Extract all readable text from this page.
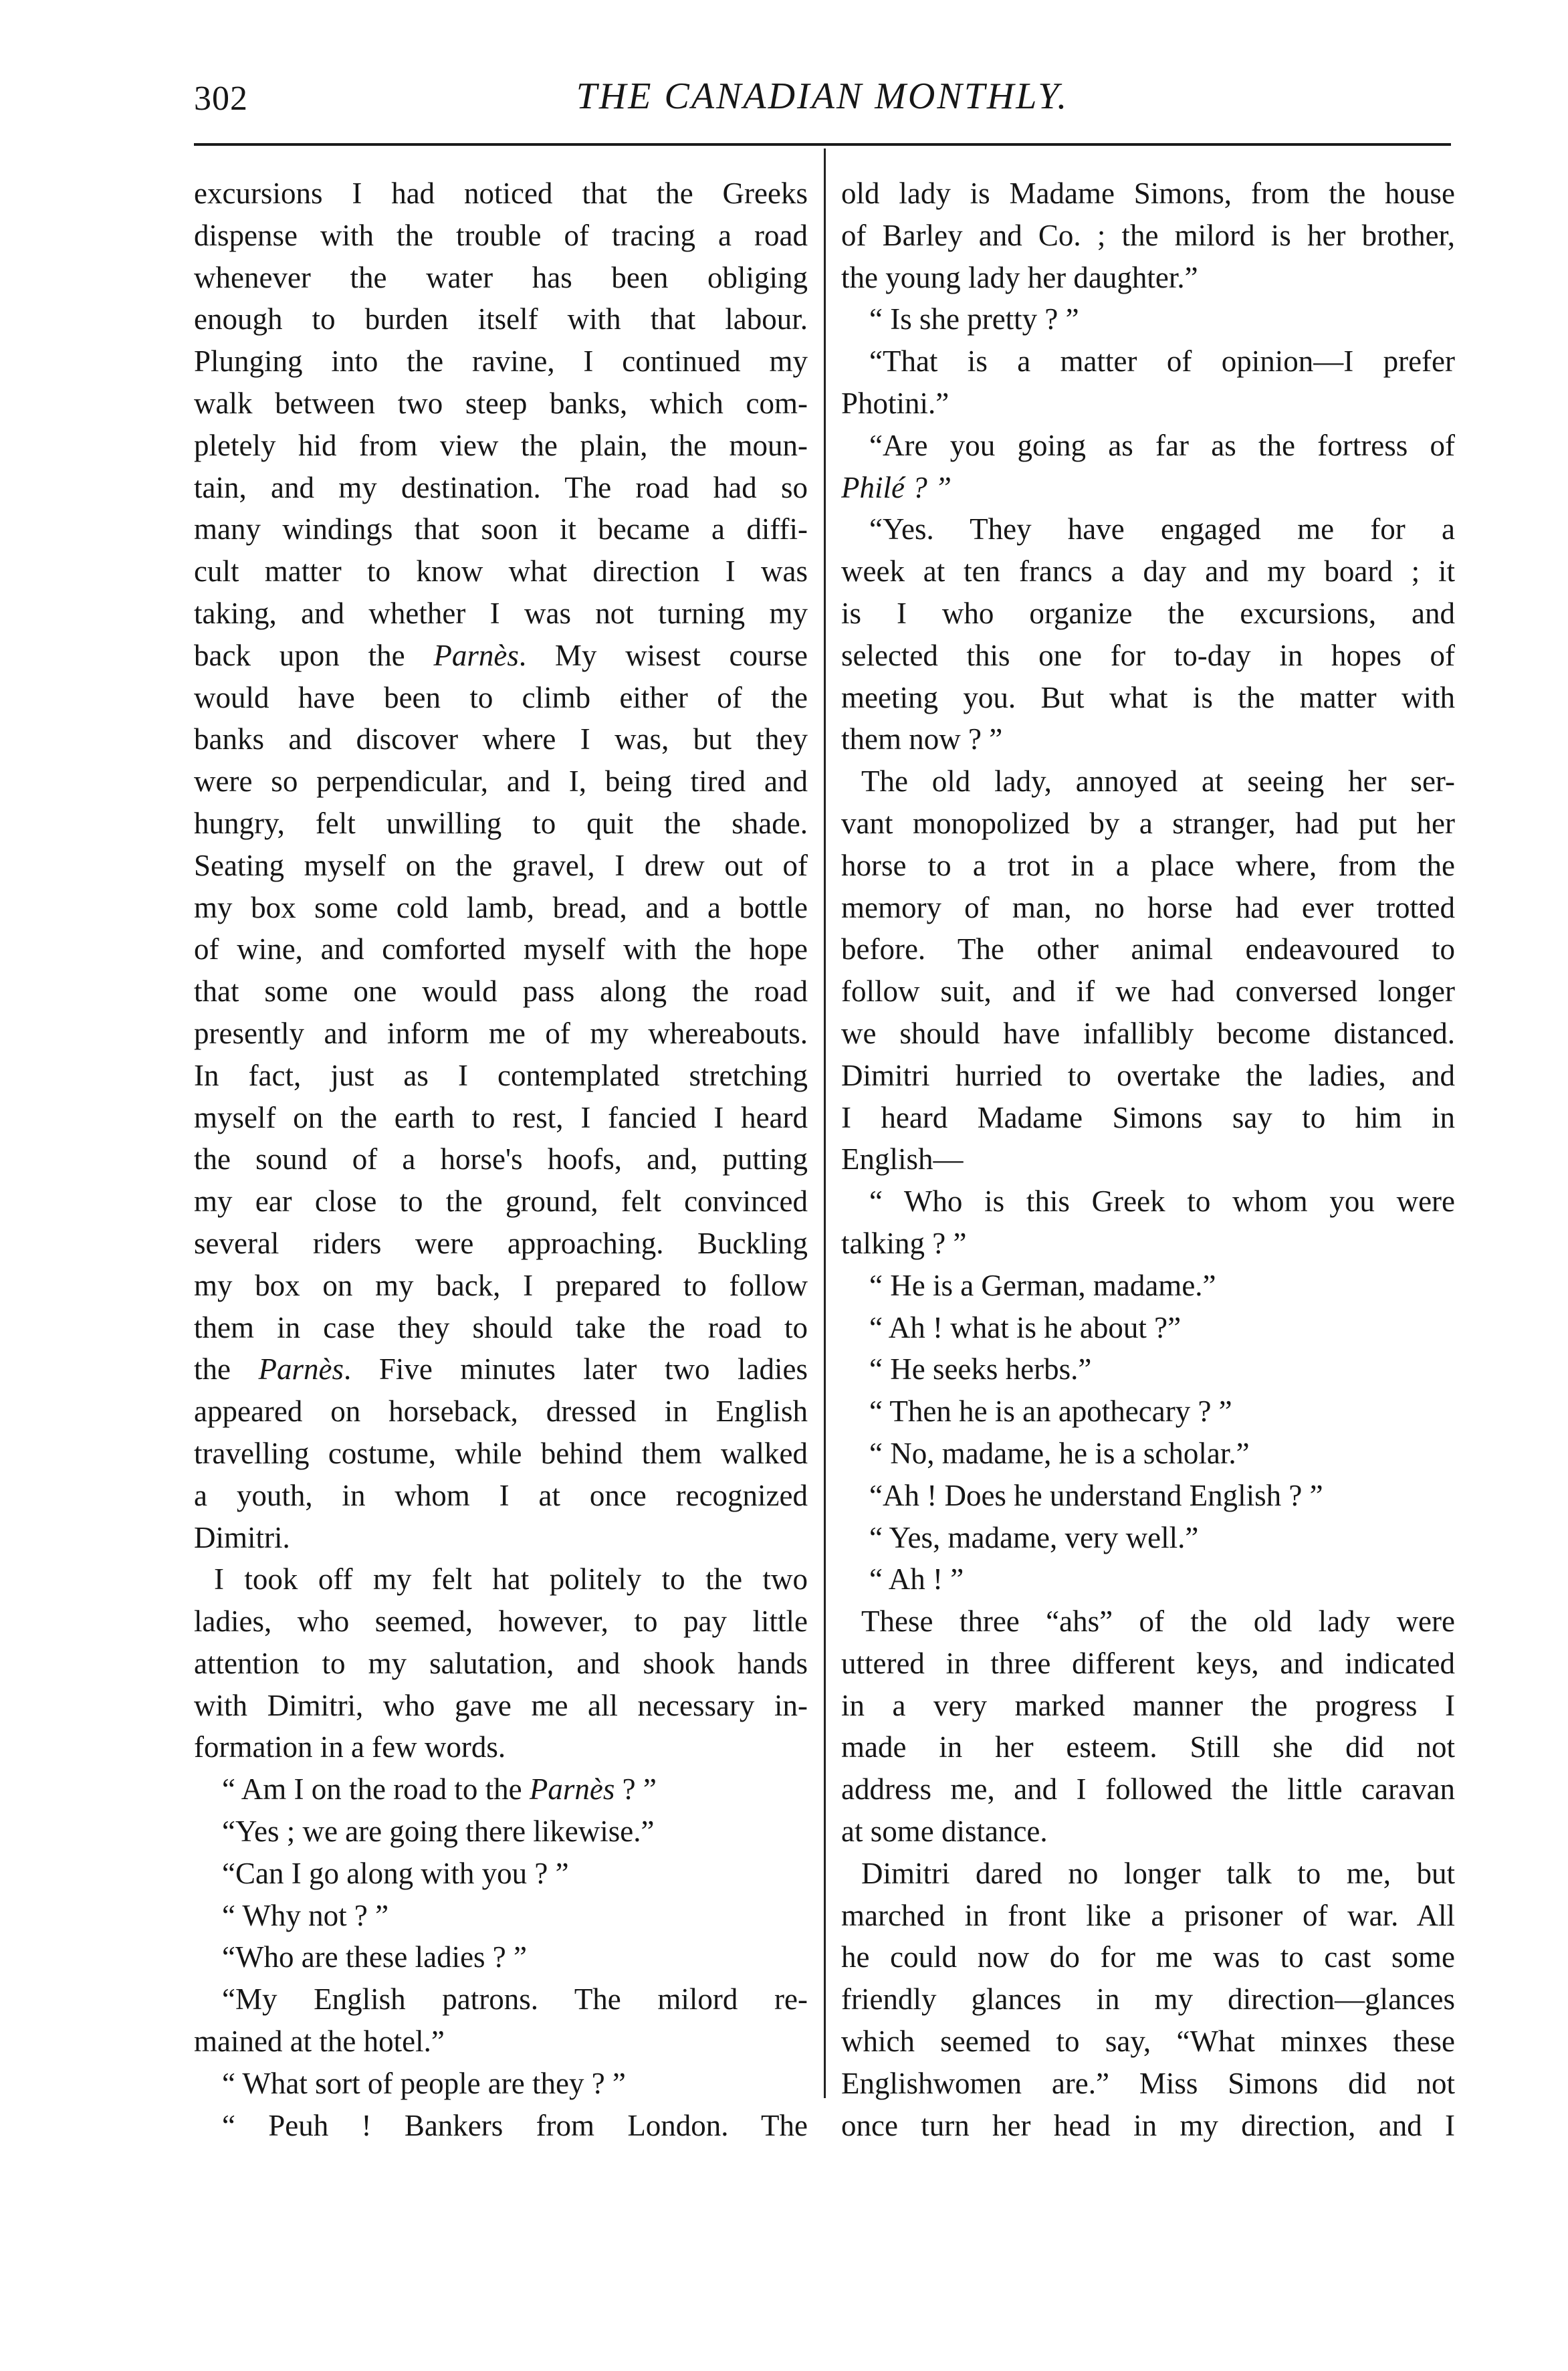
302	THE CANADIAN MONTHLY.
excursions I had noticed that the Greeks
dispense with the trouble of tracing a road
whenever the water has been obliging
enough to burden itself with that labour.
Plunging into the ravine, I continued my
walk between two steep banks, which com-
pletely hid from view the plain, the moun-
tain, and my destination. The road had so
many windings that soon it became a diffi-
cult matter to know what direction I was
taking, and whether I was not turning my
back upon the Parnès. My wisest course
would have been to climb either of the
banks and discover where I was, but they
were so perpendicular, and I, being tired and
hungry, felt unwilling to quit the shade.
Seating myself on the gravel, I drew out of
my box some cold lamb, bread, and a bottle
of wine, and comforted myself with the hope
that some one would pass along the road
presently and inform me of my whereabouts.
In fact, just as I contemplated stretching
myself on the earth to rest, I fancied I heard
the sound of a horse's hoofs, and, putting
my ear close to the ground, felt convinced
several riders were approaching. Buckling
my box on my back, I prepared to follow
them in case they should take the road to
the Parnès. Five minutes later two ladies
appeared on horseback, dressed in English
travelling costume, while behind them walked
a youth, in whom I at once recognized
Dimitri.
I took off my felt hat politely to the two
ladies, who seemed, however, to pay little
attention to my salutation, and shook hands
with Dimitri, who gave me all necessary in-
formation in a few words.
“ Am I on the road to the Parnès ? ”
“Yes ; we are going there likewise.”
“Can I go along with you ? ”
“ Why not ? ”
“Who are these ladies ? ”
“My English patrons. The milord re-
mained at the hotel.”
“ What sort of people are they ? ”
“ Peuh ! Bankers from London. The
old lady is Madame Simons, from the house
of Barley and Co. ; the milord is her brother,
the young lady her daughter.”
“ Is she pretty ? ”
“That is a matter of opinion—I prefer
Photini.”
“Are you going as far as the fortress of
Philé ? ”
“Yes. They have engaged me for a
week at ten francs a day and my board ; it
is I who organize the excursions, and
selected this one for to-day in hopes of
meeting you. But what is the matter with
them now ? ”
The old lady, annoyed at seeing her ser-
vant monopolized by a stranger, had put her
horse to a trot in a place where, from the
memory of man, no horse had ever trotted
before. The other animal endeavoured to
follow suit, and if we had conversed longer
we should have infallibly become distanced.
Dimitri hurried to overtake the ladies, and
I heard Madame Simons say to him in
English—
“ Who is this Greek to whom you were
talking ? ”
“ He is a German, madame.”
“ Ah ! what is he about ?”
“ He seeks herbs.”
“ Then he is an apothecary ? ”
“ No, madame, he is a scholar.”
“Ah ! Does he understand English ? ”
“ Yes, madame, very well.”
“ Ah ! ”
These three “ahs” of the old lady were
uttered in three different keys, and indicated
in a very marked manner the progress I
made in her esteem. Still she did not
address me, and I followed the little caravan
at some distance.
Dimitri dared no longer talk to me, but
marched in front like a prisoner of war. All
he could now do for me was to cast some
friendly glances in my direction—glances
which seemed to say, “What minxes these
Englishwomen are.” Miss Simons did not
once turn her head in my direction, and I
